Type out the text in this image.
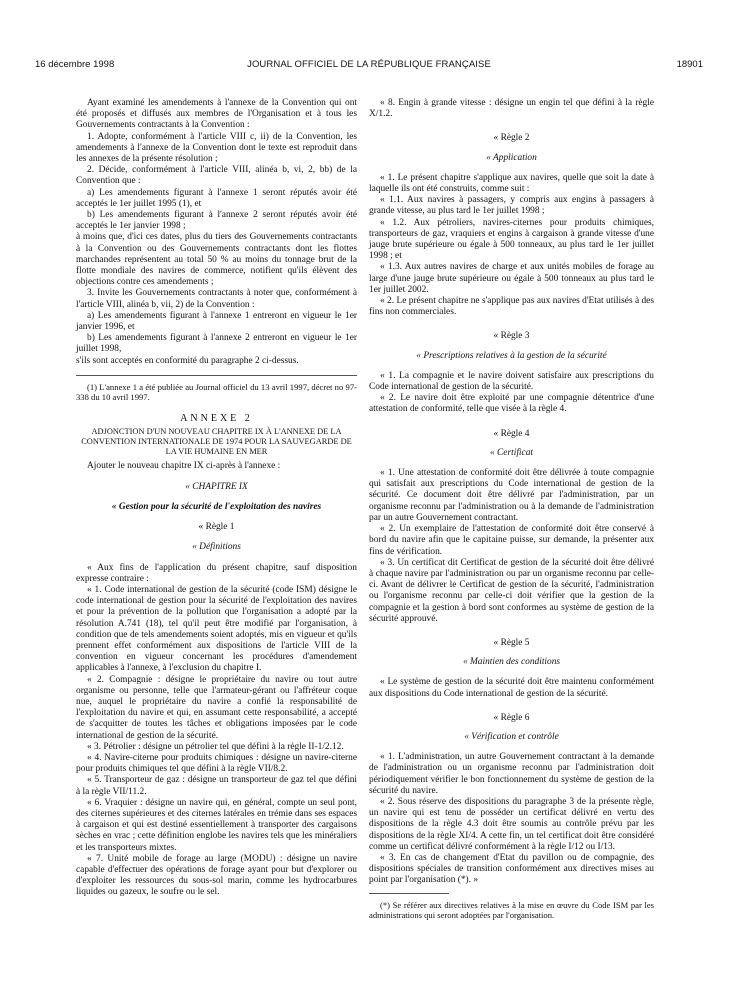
16 décembre 1998	JOURNAL OFFICIEL DE LA RÉPUBLIQUE FRANÇAISE	18901

Ayant examiné les amendements à l'annexe de la Convention qui ont été proposés et diffusés aux membres de l'Organisation et à tous les Gouvernements contractants à la Convention :

1. Adopte, conformément à l'article VIII c, ii) de la Convention, les amendements à l'annexe de la Convention dont le texte est reproduit dans les annexes de la présente résolution ;

2. Décide, conformément à l'article VIII, alinéa b, vi, 2, bb) de la Convention que :

a) Les amendements figurant à l'annexe 1 seront réputés avoir été acceptés le 1er juillet 1995 (1), et

b) Les amendements figurant à l'annexe 2 seront réputés avoir été acceptés le 1er janvier 1998 ;

à moins que, d'ici ces dates, plus du tiers des Gouvernements contractants à la Convention ou des Gouvernements contractants dont les flottes marchandes représentent au total 50 % au moins du tonnage brut de la flotte mondiale des navires de commerce, notifient qu'ils élèvent des objections contre ces amendements ;

3. Invite les Gouvernements contractants à noter que, conformément à l'article VIII, alinéa b, vii, 2) de la Convention :

a) Les amendements figurant à l'annexe 1 entreront en vigueur le 1er janvier 1996, et

b) Les amendements figurant à l'annexe 2 entreront en vigueur le 1er juillet 1998,

s'ils sont acceptés en conformité du paragraphe 2 ci-dessus.

(1) L'annexe 1 a été publiée au Journal officiel du 13 avril 1997, décret no 97-338 du 10 avril 1997.

ANNEXE 2
ADJONCTION D'UN NOUVEAU CHAPITRE IX À L'ANNEXE DE LA CONVENTION INTERNATIONALE DE 1974 POUR LA SAUVEGARDE DE LA VIE HUMAINE EN MER

Ajouter le nouveau chapitre IX ci-après à l'annexe :

« CHAPITRE IX

« Gestion pour la sécurité de l'exploitation des navires

« Règle 1

« Définitions

« Aux fins de l'application du présent chapitre, sauf disposition expresse contraire :

« 1. Code international de gestion de la sécurité (code ISM) désigne le code international de gestion pour la sécurité de l'exploitation des navires et pour la prévention de la pollution que l'organisation a adopté par la résolution A.741 (18), tel qu'il peut être modifié par l'organisation, à condition que de tels amendements soient adoptés, mis en vigueur et qu'ils prennent effet conformément aux dispositions de l'article VIII de la convention en vigueur concernant les procédures d'amendement applicables à l'annexe, à l'exclusion du chapitre I.

« 2. Compagnie : désigne le propriétaire du navire ou tout autre organisme ou personne, telle que l'armateur-gérant ou l'affréteur coque nue, auquel le propriétaire du navire a confié la responsabilité de l'exploitation du navire et qui, en assumant cette responsabilité, a accepté de s'acquitter de toutes les tâches et obligations imposées par le code international de gestion de la sécurité.

« 3. Pétrolier : désigne un pétrolier tel que défini à la règle II-1/2.12.

« 4. Navire-citerne pour produits chimiques : désigne un navire-citerne pour produits chimiques tel que défini à la règle VII/8.2.

« 5. Transporteur de gaz : désigne un transporteur de gaz tel que défini à la règle VII/11.2.

« 6. Vraquier : désigne un navire qui, en général, compte un seul pont, des citernes supérieures et des citernes latérales en trémie dans ses espaces à cargaison et qui est destiné essentiellement à transporter des cargaisons sèches en vrac ; cette définition englobe les navires tels que les minéraliers et les transporteurs mixtes.

« 7. Unité mobile de forage au large (MODU) : désigne un navire capable d'effectuer des opérations de forage ayant pour but d'explorer ou d'exploiter les ressources du sous-sol marin, comme les hydrocarbures liquides ou gazeux, le soufre ou le sel.

« 8. Engin à grande vitesse : désigne un engin tel que défini à la règle X/1.2.

« Règle 2

« Application

« 1. Le présent chapitre s'applique aux navires, quelle que soit la date à laquelle ils ont été construits, comme suit :

« 1.1. Aux navires à passagers, y compris aux engins à passagers à grande vitesse, au plus tard le 1er juillet 1998 ;

« 1.2. Aux pétroliers, navires-citernes pour produits chimiques, transporteurs de gaz, vraquiers et engins à cargaison à grande vitesse d'une jauge brute supérieure ou égale à 500 tonneaux, au plus tard le 1er juillet 1998 ; et

« 1.3. Aux autres navires de charge et aux unités mobiles de forage au large d'une jauge brute supérieure ou égale à 500 tonneaux au plus tard le 1er juillet 2002.

« 2. Le présent chapitre ne s'applique pas aux navires d'Etat utilisés à des fins non commerciales.

« Règle 3

« Prescriptions relatives à la gestion de la sécurité

« 1. La compagnie et le navire doivent satisfaire aux prescriptions du Code international de gestion de la sécurité.

« 2. Le navire doit être exploité par une compagnie détentrice d'une attestation de conformité, telle que visée à la règle 4.

« Règle 4

« Certificat

« 1. Une attestation de conformité doit être délivrée à toute compagnie qui satisfait aux prescriptions du Code international de gestion de la sécurité. Ce document doit être délivré par l'administration, par un organisme reconnu par l'administration ou à la demande de l'administration par un autre Gouvernement contractant.

« 2. Un exemplaire de l'attestation de conformité doit être conservé à bord du navire afin que le capitaine puisse, sur demande, la présenter aux fins de vérification.

« 3. Un certificat dit Certificat de gestion de la sécurité doit être délivré à chaque navire par l'administration ou par un organisme reconnu par celle-ci. Avant de délivrer le Certificat de gestion de la sécurité, l'administration ou l'organisme reconnu par celle-ci doit vérifier que la gestion de la compagnie et la gestion à bord sont conformes au système de gestion de la sécurité approuvé.

« Règle 5

« Maintien des conditions

« Le système de gestion de la sécurité doit être maintenu conformément aux dispositions du Code international de gestion de la sécurité.

« Règle 6

« Vérification et contrôle

« 1. L'administration, un autre Gouvernement contractant à la demande de l'administration ou un organisme reconnu par l'administration doit périodiquement vérifier le bon fonctionnement du système de gestion de la sécurité du navire.

« 2. Sous réserve des dispositions du paragraphe 3 de la présente règle, un navire qui est tenu de posséder un certificat délivré en vertu des dispositions de la règle 4.3 doit être soumis au contrôle prévu par les dispositions de la règle XI/4. A cette fin, un tel certificat doit être considéré comme un certificat délivré conformément à la règle I/12 ou I/13.

« 3. En cas de changement d'Etat du pavillon ou de compagnie, des dispositions spéciales de transition conformément aux directives mises au point par l'organisation (*). »

(*) Se référer aux directives relatives à la mise en œuvre du Code ISM par les administrations qui seront adoptées par l'organisation.
